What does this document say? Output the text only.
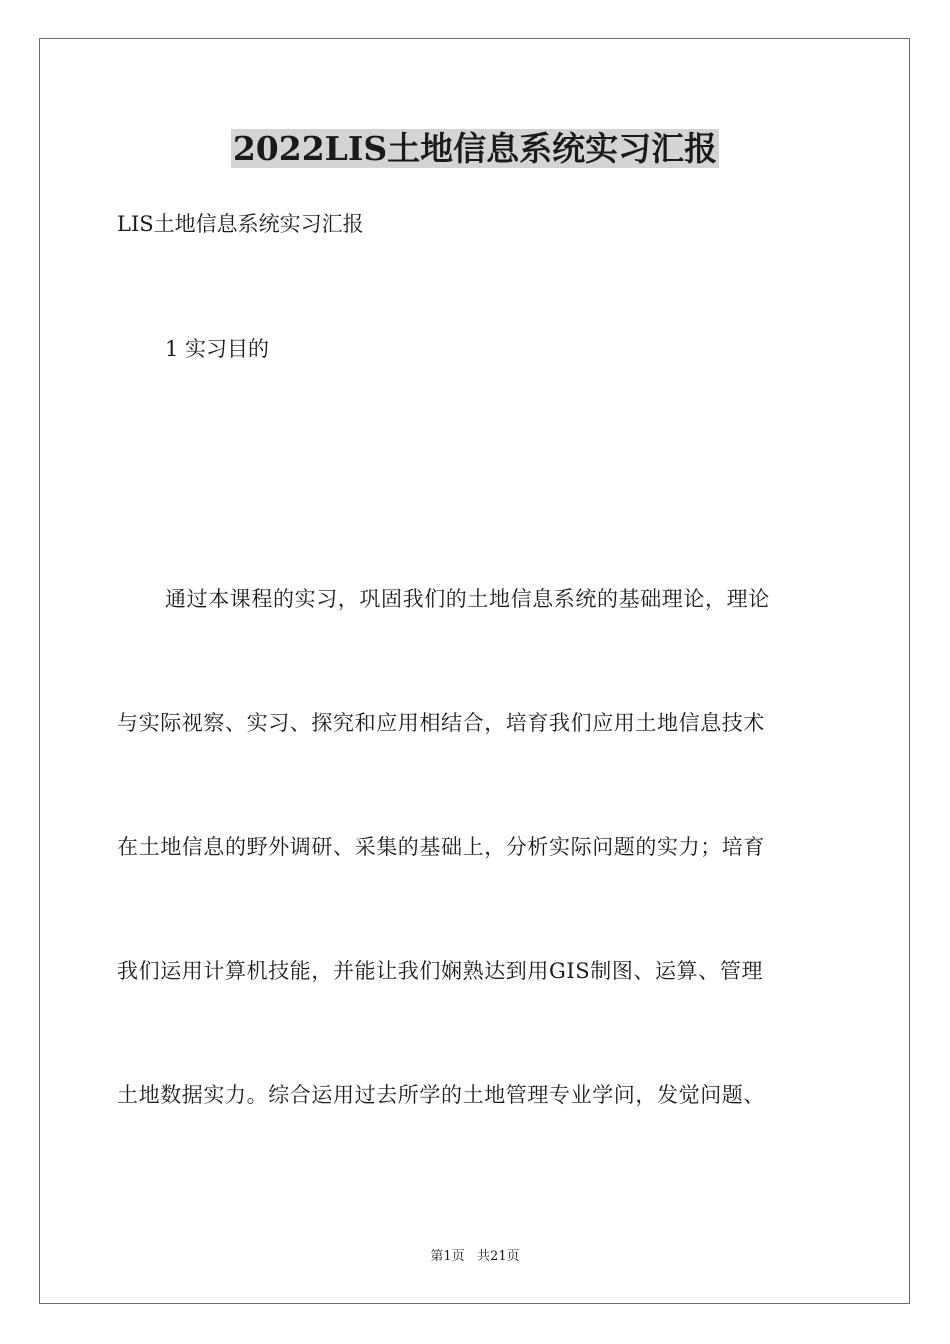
2022LIS土地信息系统实习汇报
LIS土地信息系统实习汇报
1 实习目的
通过本课程的实习，巩固我们的土地信息系统的基础理论，理论
与实际视察、实习、探究和应用相结合，培育我们应用土地信息技术
在土地信息的野外调研、采集的基础上，分析实际问题的实力；培育
我们运用计算机技能，并能让我们娴熟达到用GIS制图、运算、管理
土地数据实力。综合运用过去所学的土地管理专业学问，发觉问题、
第1页   共21页
